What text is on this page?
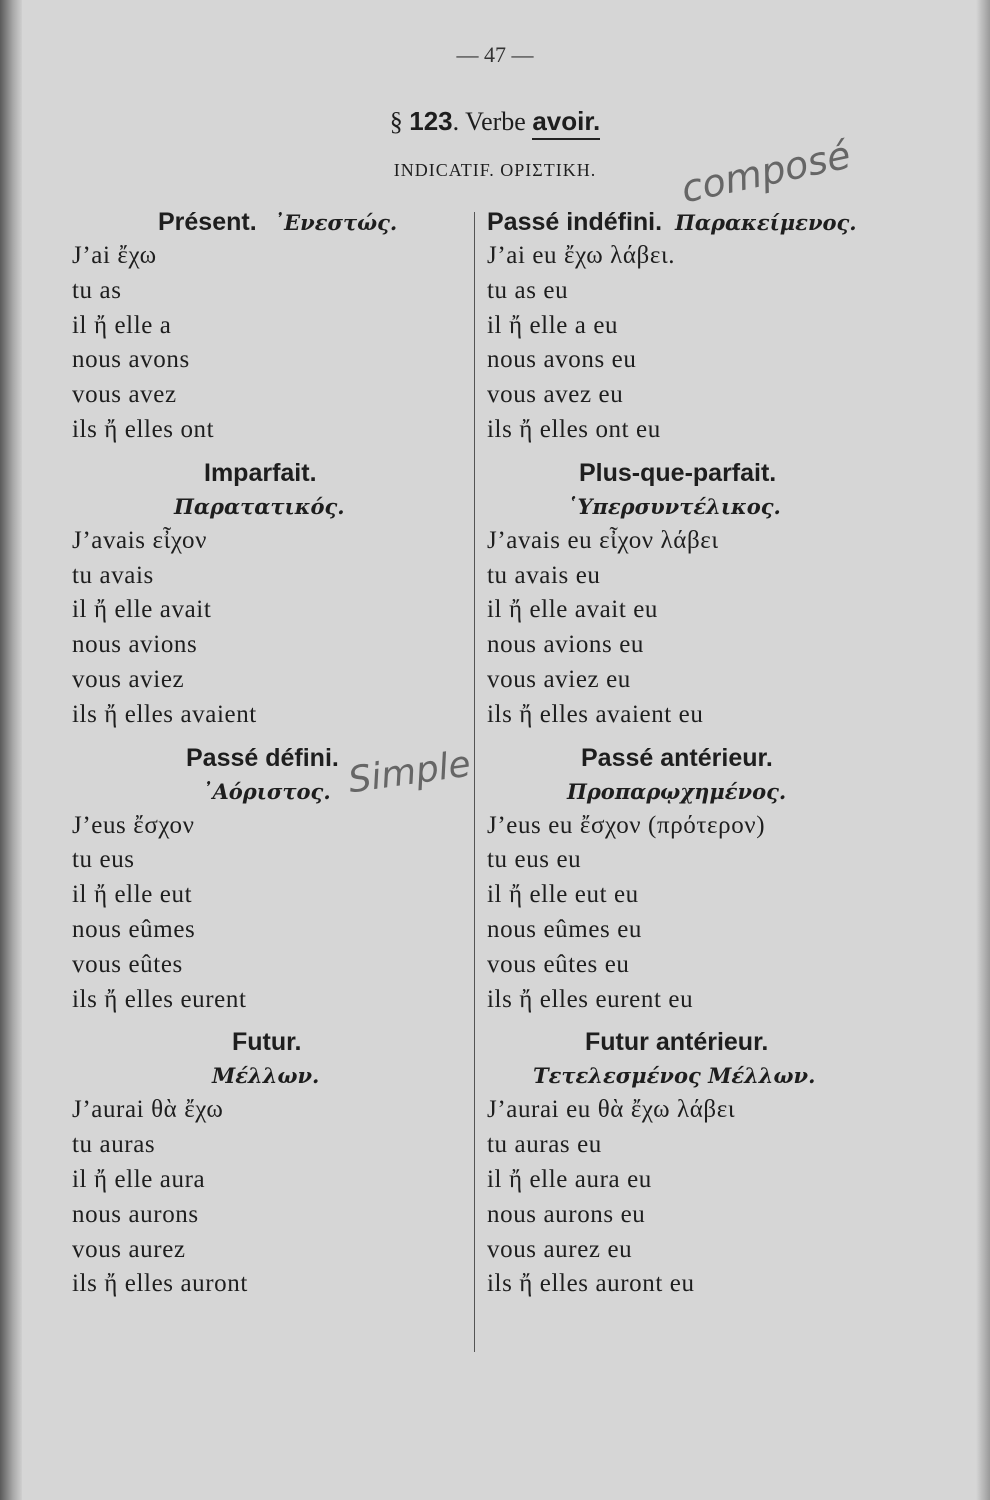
— 47 —
§ 123. Verbe avoir.
INDICATIF. ΟΡΙΣΤΙΚΗ.	composé
Simple
Présent. ᾿Ενεστώς.
J’ai ἔχω
tu as
il ἤ elle a
nous avons
vous avez
ils ἤ elles ont
Imparfait.
Παρατατικός.
J’avais εἶχον
tu avais
il ἤ elle avait
nous avions
vous aviez
ils ἤ elles avaient
Passé défini.
᾿Αόριστος.
J’eus ἔσχον
tu eus
il ἤ elle eut
nous eûmes
vous eûtes
ils ἤ elles eurent
Futur.
Μέλλων.
J’aurai θὰ ἔχω
tu auras
il ἤ elle aura
nous aurons
vous aurez
ils ἤ elles auront
Passé indéfini. Παρακείμενος.
J’ai eu ἔχω λάβει.
tu as eu
il ἤ elle a eu
nous avons eu
vous avez eu
ils ἤ elles ont eu
Plus-que-parfait.
῾Υπερσυντέλικος.
J’avais eu εἶχον λάβει
tu avais eu
il ἤ elle avait eu
nous avions eu
vous aviez eu
ils ἤ elles avaient eu
Passé antérieur.
Προπαρῳχημένος.
J’eus eu ἔσχον (πρότερον)
tu eus eu
il ἤ elle eut eu
nous eûmes eu
vous eûtes eu
ils ἤ elles eurent eu
Futur antérieur.
Τετελεσμένος Μέλλων.
J’aurai eu θὰ ἔχω λάβει
tu auras eu
il ἤ elle aura eu
nous aurons eu
vous aurez eu
ils ἤ elles auront eu
